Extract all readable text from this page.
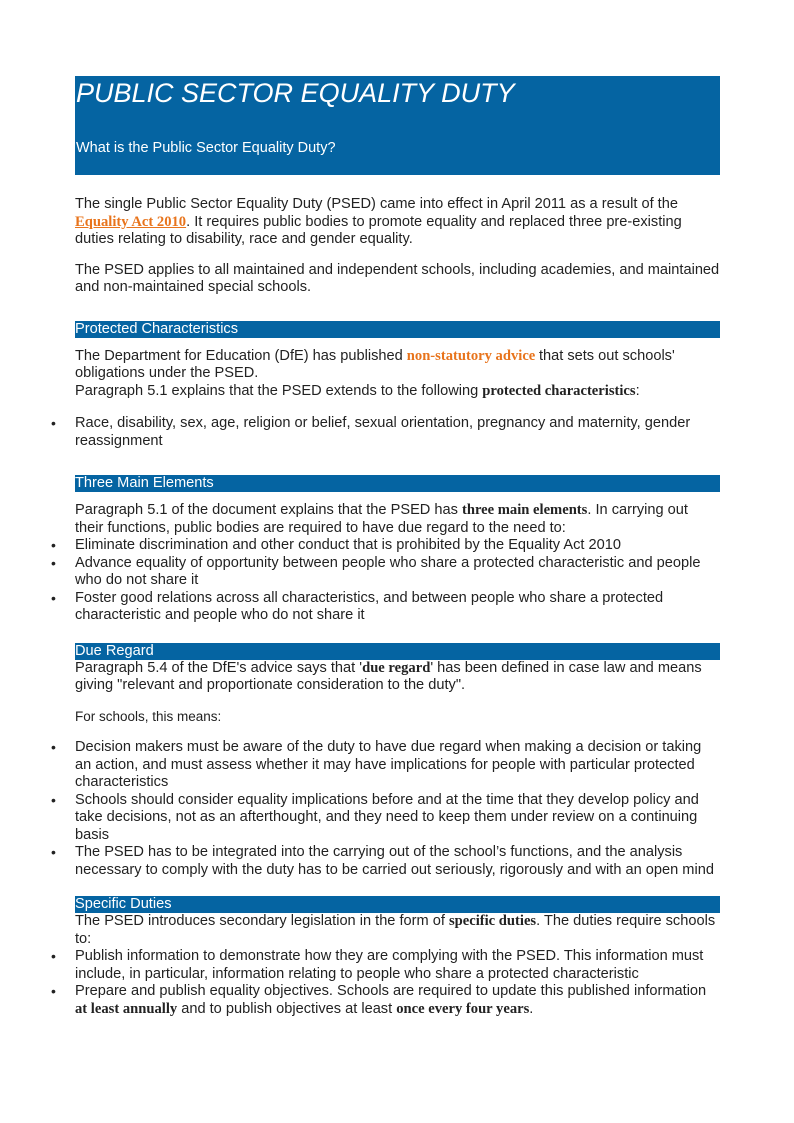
PUBLIC SECTOR EQUALITY DUTY
What is the Public Sector Equality Duty?

The single Public Sector Equality Duty (PSED) came into effect in April 2011 as a result of the Equality Act 2010. It requires public bodies to promote equality and replaced three pre-existing duties relating to disability, race and gender equality.

The PSED applies to all maintained and independent schools, including academies, and maintained and non-maintained special schools.

Protected Characteristics

The Department for Education (DfE) has published non-statutory advice that sets out schools' obligations under the PSED.

Paragraph 5.1 explains that the PSED extends to the following protected characteristics:

• Race, disability, sex, age, religion or belief, sexual orientation, pregnancy and maternity, gender reassignment
Three Main Elements

Paragraph 5.1 of the document explains that the PSED has three main elements. In carrying out their functions, public bodies are required to have due regard to the need to:

• Eliminate discrimination and other conduct that is prohibited by the Equality Act 2010
• Advance equality of opportunity between people who share a protected characteristic and people who do not share it
• Foster good relations across all characteristics, and between people who share a protected characteristic and people who do not share it
Due Regard

Paragraph 5.4 of the DfE's advice says that 'due regard' has been defined in case law and means giving "relevant and proportionate consideration to the duty".

For schools, this means:

• Decision makers must be aware of the duty to have due regard when making a decision or taking an action, and must assess whether it may have implications for people with particular protected characteristics
• Schools should consider equality implications before and at the time that they develop policy and take decisions, not as an afterthought, and they need to keep them under review on a continuing basis
• The PSED has to be integrated into the carrying out of the school’s functions, and the analysis necessary to comply with the duty has to be carried out seriously, rigorously and with an open mind
Specific Duties

The PSED introduces secondary legislation in the form of specific duties. The duties require schools to:

• Publish information to demonstrate how they are complying with the PSED. This information must include, in particular, information relating to people who share a protected characteristic
• Prepare and publish equality objectives. Schools are required to update this published information at least annually and to publish objectives at least once every four years.
